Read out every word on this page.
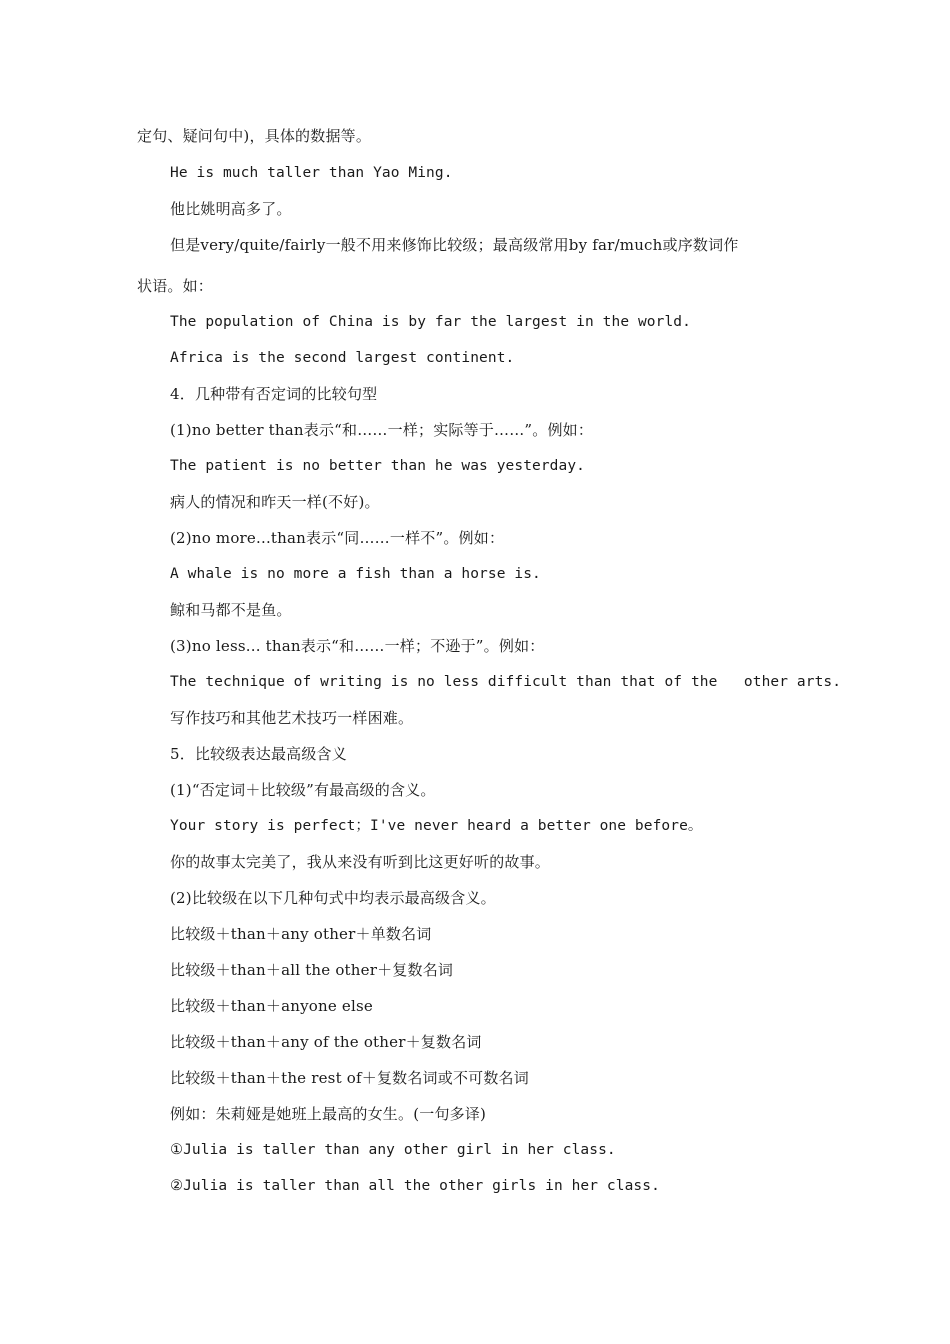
定句、疑问句中)，具体的数据等。
He is much taller than Yao Ming.
他比姚明高多了。
但是very/quite/fairly一般不用来修饰比较级；最高级常用by far/much或序数词作
状语。如：
The population of China is by far the largest in the world.
Africa is the second largest continent.
4．几种带有否定词的比较句型
(1)no better than表示“和……一样；实际等于……”。例如：
The patient is no better than he was yesterday.
病人的情况和昨天一样(不好)。
(2)no more...than表示“同……一样不”。例如：
A whale is no more a fish than a horse is.
鲸和马都不是鱼。
(3)no less... than表示“和……一样；不逊于”。例如：
The technique of writing is no less difficult than that of the   other arts.
写作技巧和其他艺术技巧一样困难。
5．比较级表达最高级含义
(1)“否定词＋比较级”有最高级的含义。
Your story is perfect；I've never heard a better one before。
你的故事太完美了，我从来没有听到比这更好听的故事。
(2)比较级在以下几种句式中均表示最高级含义。
比较级＋than＋any other＋单数名词
比较级＋than＋all the other＋复数名词
比较级＋than＋anyone else
比较级＋than＋any of the other＋复数名词
比较级＋than＋the rest of＋复数名词或不可数名词
例如：朱莉娅是她班上最高的女生。(一句多译)
①Julia is taller than any other girl in her class.
②Julia is taller than all the other girls in her class.
